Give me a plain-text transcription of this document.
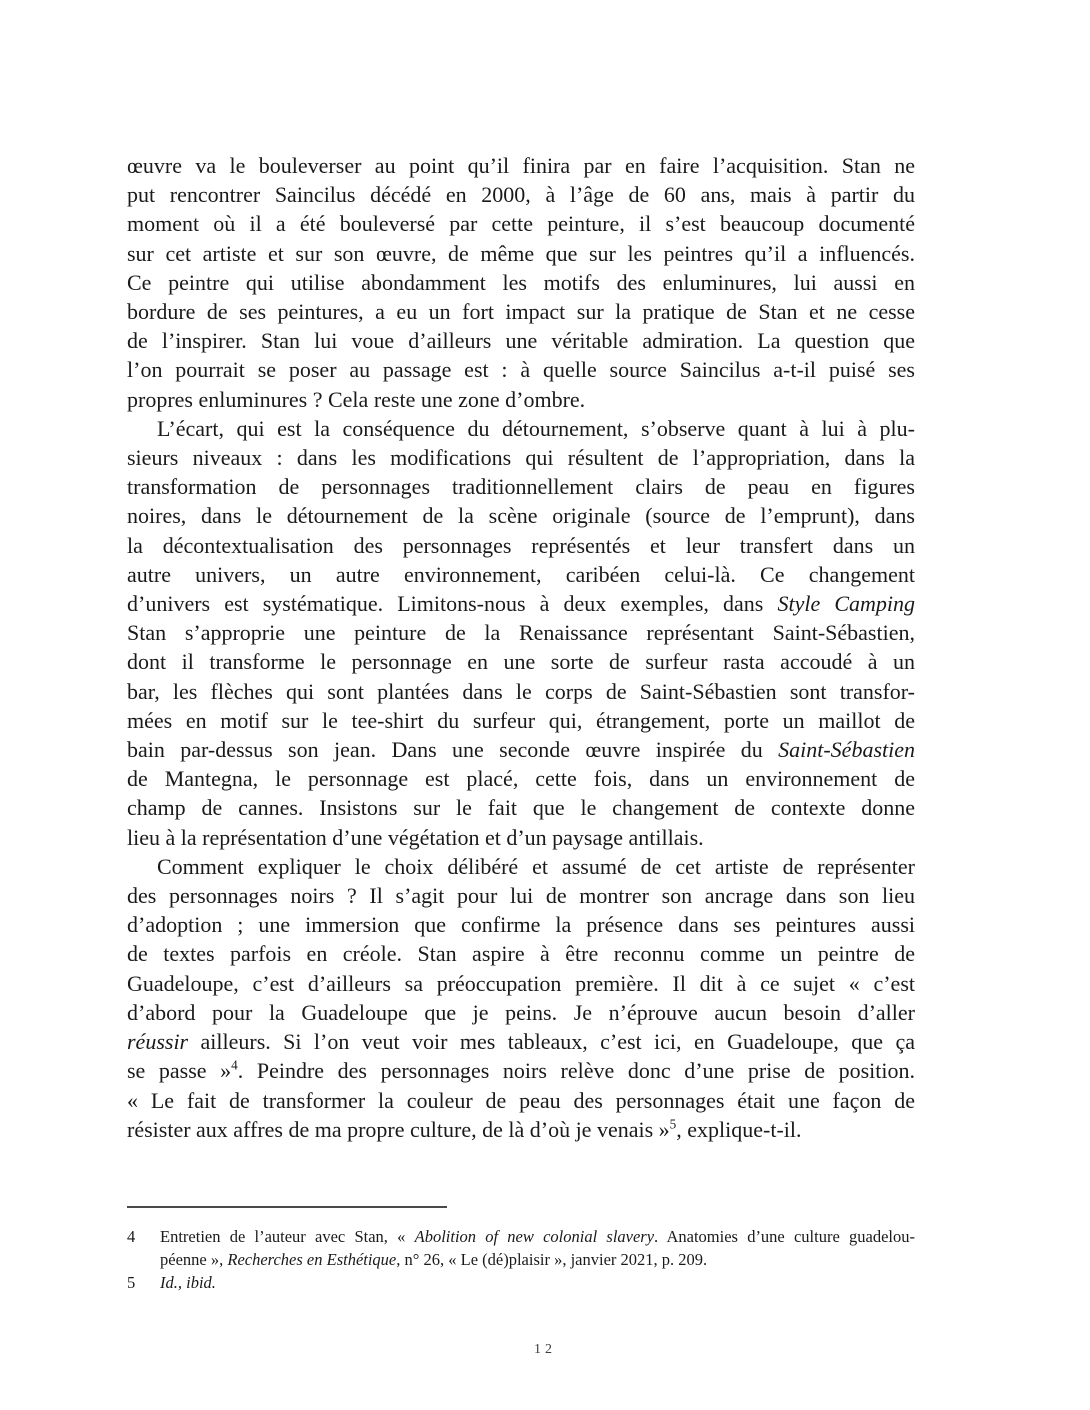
œuvre va le bouleverser au point qu’il finira par en faire l’acquisition. Stan ne
put rencontrer Saincilus décédé en 2000, à l’âge de 60 ans, mais à partir du
moment où il a été bouleversé par cette peinture, il s’est beaucoup documenté
sur cet artiste et sur son œuvre, de même que sur les peintres qu’il a influencés.
Ce peintre qui utilise abondamment les motifs des enluminures, lui aussi en
bordure de ses peintures, a eu un fort impact sur la pratique de Stan et ne cesse
de l’inspirer. Stan lui voue d’ailleurs une véritable admiration. La question que
l’on pourrait se poser au passage est : à quelle source Saincilus a-t-il puisé ses
propres enluminures ? Cela reste une zone d’ombre.
L’écart, qui est la conséquence du détournement, s’observe quant à lui à plu-
sieurs niveaux : dans les modifications qui résultent de l’appropriation, dans la
transformation de personnages traditionnellement clairs de peau en figures
noires, dans le détournement de la scène originale (source de l’emprunt), dans
la décontextualisation des personnages représentés et leur transfert dans un
autre univers, un autre environnement, caribéen celui-là. Ce changement
d’univers est systématique. Limitons-nous à deux exemples, dans Style Camping
Stan s’approprie une peinture de la Renaissance représentant Saint-Sébastien,
dont il transforme le personnage en une sorte de surfeur rasta accoudé à un
bar, les flèches qui sont plantées dans le corps de Saint-Sébastien sont transfor-
mées en motif sur le tee-shirt du surfeur qui, étrangement, porte un maillot de
bain par-dessus son jean. Dans une seconde œuvre inspirée du Saint-Sébastien
de Mantegna, le personnage est placé, cette fois, dans un environnement de
champ de cannes. Insistons sur le fait que le changement de contexte donne
lieu à la représentation d’une végétation et d’un paysage antillais.
Comment expliquer le choix délibéré et assumé de cet artiste de représenter
des personnages noirs ? Il s’agit pour lui de montrer son ancrage dans son lieu
d’adoption ; une immersion que confirme la présence dans ses peintures aussi
de textes parfois en créole. Stan aspire à être reconnu comme un peintre de
Guadeloupe, c’est d’ailleurs sa préoccupation première. Il dit à ce sujet « c’est
d’abord pour la Guadeloupe que je peins. Je n’éprouve aucun besoin d’aller
réussir ailleurs. Si l’on veut voir mes tableaux, c’est ici, en Guadeloupe, que ça
se passe »$^4$. Peindre des personnages noirs relève donc d’une prise de position.
« Le fait de transformer la couleur de peau des personnages était une façon de
résister aux affres de ma propre culture, de là d’où je venais »$^5$, explique-t-il.
4 Entretien de l’auteur avec Stan, « Abolition of new colonial slavery. Anatomies d’une culture guadelou-
péenne », Recherches en Esthétique, n° 26, « Le (dé)plaisir », janvier 2021, p. 209.
5 Id., ibid.
12
